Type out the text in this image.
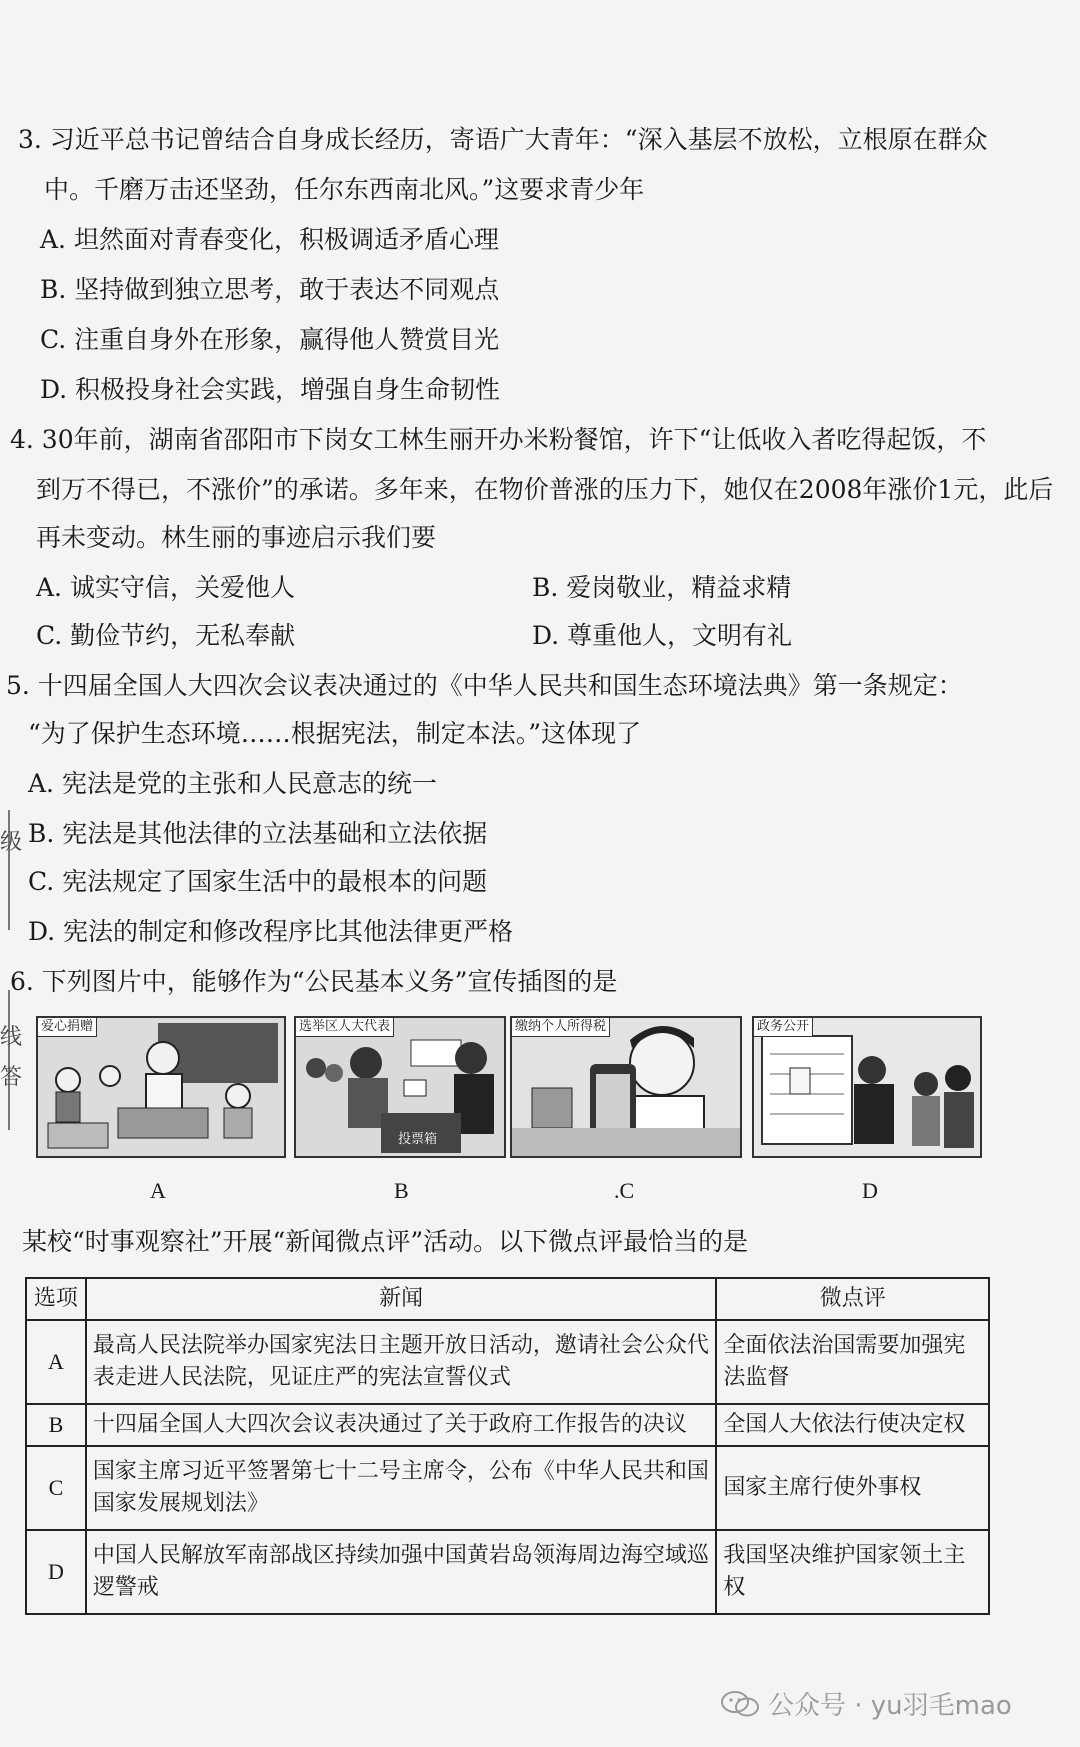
级
线
答
3. 习近平总书记曾结合自身成长经历，寄语广大青年：“深入基层不放松，立根原在群众
中。千磨万击还坚劲，任尔东西南北风。”这要求青少年
A. 坦然面对青春变化，积极调适矛盾心理
B. 坚持做到独立思考，敢于表达不同观点
C. 注重自身外在形象，赢得他人赞赏目光
D. 积极投身社会实践，增强自身生命韧性
4. 30年前，湖南省邵阳市下岗女工林生丽开办米粉餐馆，许下“让低收入者吃得起饭，不
到万不得已，不涨价”的承诺。多年来，在物价普涨的压力下，她仅在2008年涨价1元，此后
再未变动。林生丽的事迹启示我们要
A. 诚实守信，关爱他人	B. 爱岗敬业，精益求精
C. 勤俭节约，无私奉献	D. 尊重他人，文明有礼
5. 十四届全国人大四次会议表决通过的《中华人民共和国生态环境法典》第一条规定：
“为了保护生态环境……根据宪法，制定本法。”这体现了
A. 宪法是党的主张和人民意志的统一
B. 宪法是其他法律的立法基础和立法依据
C. 宪法规定了国家生活中的最根本的问题
D. 宪法的制定和修改程序比其他法律更严格
6. 下列图片中，能够作为“公民基本义务”宣传插图的是
爱心捐赠	选举区人大代表
投票箱
缴纳个人所得税	政务公开
A	B	.C	D
某校“时事观察社”开展“新闻微点评”活动。以下微点评最恰当的是
选项	新闻	微点评
A	最高人民法院举办国家宪法日主题开放日活动，邀请社会公众代表走进人民法院，见证庄严的宪法宣誓仪式	全面依法治国需要加强宪法监督
B	十四届全国人大四次会议表决通过了关于政府工作报告的决议	全国人大依法行使决定权
C	国家主席习近平签署第七十二号主席令，公布《中华人民共和国国家发展规划法》	国家主席行使外事权
D	中国人民解放军南部战区持续加强中国黄岩岛领海周边海空域巡逻警戒	我国坚决维护国家领土主权
公众号 · yu羽毛mao
